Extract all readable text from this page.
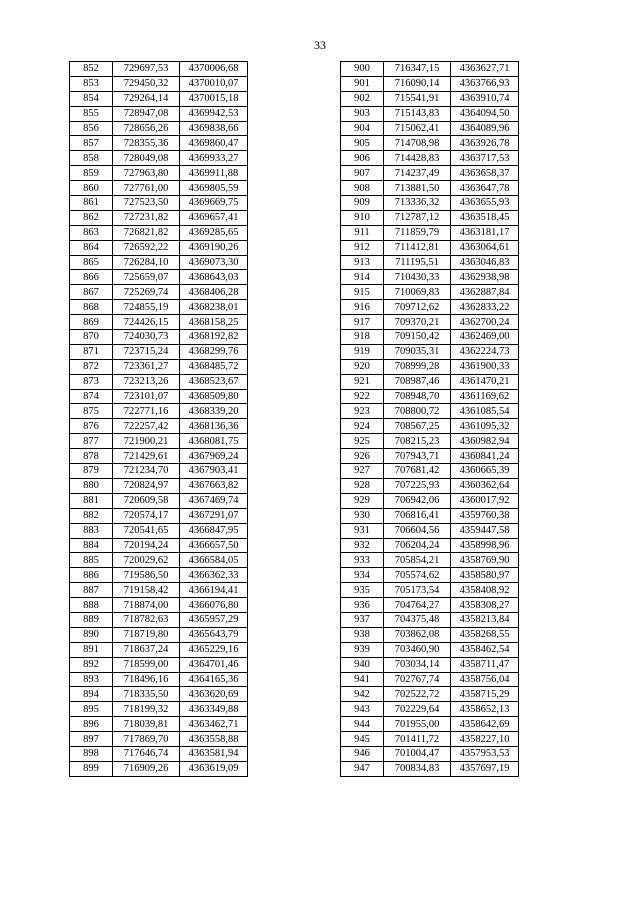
33
852	729697,53	4370006,68
853	729450,32	4370010,07
854	729264,14	4370015,18
855	728947,08	4369942,53
856	728656,26	4369838,66
857	728355,36	4369860,47
858	728049,08	4369933,27
859	727963,80	4369911,88
860	727761,00	4369805,59
861	727523,50	4369669,75
862	727231,82	4369657,41
863	726821,82	4369285,65
864	726592,22	4369190,26
865	726284,10	4369073,30
866	725659,07	4368643,03
867	725269,74	4368406,28
868	724855,19	4368238,01
869	724426,15	4368158,25
870	724030,73	4368192,82
871	723715,24	4368299,76
872	723361,27	4368485,72
873	723213,26	4368523,67
874	723101,07	4368509,80
875	722771,16	4368339,20
876	722257,42	4368136,36
877	721900,21	4368081,75
878	721429,61	4367969,24
879	721234,70	4367903,41
880	720824,97	4367663,82
881	720609,58	4367469,74
882	720574,17	4367291,07
883	720541,65	4366847,95
884	720194,24	4366657,50
885	720029,62	4366584,05
886	719586,50	4366362,33
887	719158,42	4366194,41
888	718874,00	4366076,80
889	718782,63	4365957,29
890	718719,80	4365643,79
891	718637,24	4365229,16
892	718599,00	4364701,46
893	718496,16	4364165,36
894	718335,50	4363620,69
895	718199,32	4363349,88
896	718039,81	4363462,71
897	717869,70	4363558,88
898	717646,74	4363581,94
899	716909,26	4363619,09
900	716347,15	4363627,71
901	716090,14	4363766,93
902	715541,91	4363910,74
903	715143,83	4364094,50
904	715062,41	4364089,96
905	714708,98	4363926,78
906	714428,83	4363717,53
907	714237,49	4363658,37
908	713881,50	4363647,78
909	713336,32	4363655,93
910	712787,12	4363518,45
911	711859,79	4363181,17
912	711412,81	4363064,61
913	711195,51	4363046,83
914	710430,33	4362938,98
915	710069,83	4362887,84
916	709712,62	4362833,22
917	709370,21	4362700,24
918	709150,42	4362469,00
919	709035,31	4362224,73
920	708999,28	4361900,33
921	708987,46	4361470,21
922	708948,70	4361169,62
923	708800,72	4361085,54
924	708567,25	4361095,32
925	708215,23	4360982,94
926	707943,71	4360841,24
927	707681,42	4360665,39
928	707225,93	4360362,64
929	706942,06	4360017,92
930	706816,41	4359760,38
931	706604,56	4359447,58
932	706204,24	4358998,96
933	705854,21	4358769,90
934	705574,62	4358580,97
935	705173,54	4358408,92
936	704764,27	4358308,27
937	704375,48	4358213,84
938	703862,08	4358268,55
939	703460,90	4358462,54
940	703034,14	4358711,47
941	702767,74	4358756,04
942	702522,72	4358715,29
943	702229,64	4358652,13
944	701955,00	4358642,69
945	701411,72	4358227,10
946	701004,47	4357953,53
947	700834,83	4357697,19
